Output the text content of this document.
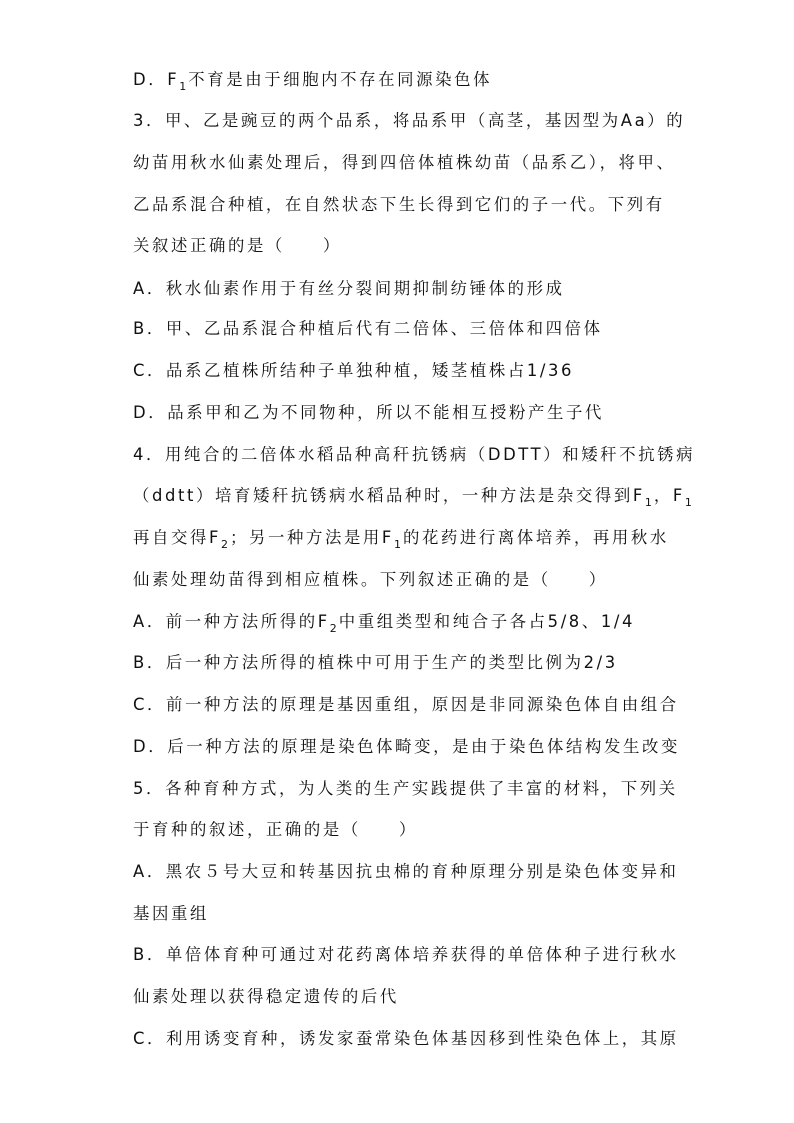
D．$F_1$ 不育是由于细胞内不存在同源染色体
3．甲、乙是豌豆的两个品系，将品系甲（高茎，基因型为Aa）的
幼苗用秋水仙素处理后，得到四倍体植株幼苗（品系乙），将甲、
乙品系混合种植，在自然状态下生长得到它们的子一代。下列有
关叙述正确的是（　　）
A．秋水仙素作用于有丝分裂间期抑制纺锤体的形成
B．甲、乙品系混合种植后代有二倍体、三倍体和四倍体
C．品系乙植株所结种子单独种植，矮茎植株占1/36
D．品系甲和乙为不同物种，所以不能相互授粉产生子代
4．用纯合的二倍体水稻品种高秆抗锈病（DDTT）和矮秆不抗锈病
（ddtt）培育矮秆抗锈病水稻品种时，一种方法是杂交得到$F_1$ ，$F_1$
再自交得$F_2$ ；另一种方法是用$F_1$ 的花药进行离体培养，再用秋水
仙素处理幼苗得到相应植株。下列叙述正确的是（　　）
A．前一种方法所得的$F_2$ 中重组类型和纯合子各占5/8、1/4
B．后一种方法所得的植株中可用于生产的类型比例为2/3
C．前一种方法的原理是基因重组，原因是非同源染色体自由组合
D．后一种方法的原理是染色体畸变，是由于染色体结构发生改变
5．各种育种方式，为人类的生产实践提供了丰富的材料，下列关
于育种的叙述，正确的是（　　）
A．黑农５号大豆和转基因抗虫棉的育种原理分别是染色体变异和
基因重组
B．单倍体育种可通过对花药离体培养获得的单倍体种子进行秋水
仙素处理以获得稳定遗传的后代
C．利用诱变育种，诱发家蚕常染色体基因移到性染色体上，其原
